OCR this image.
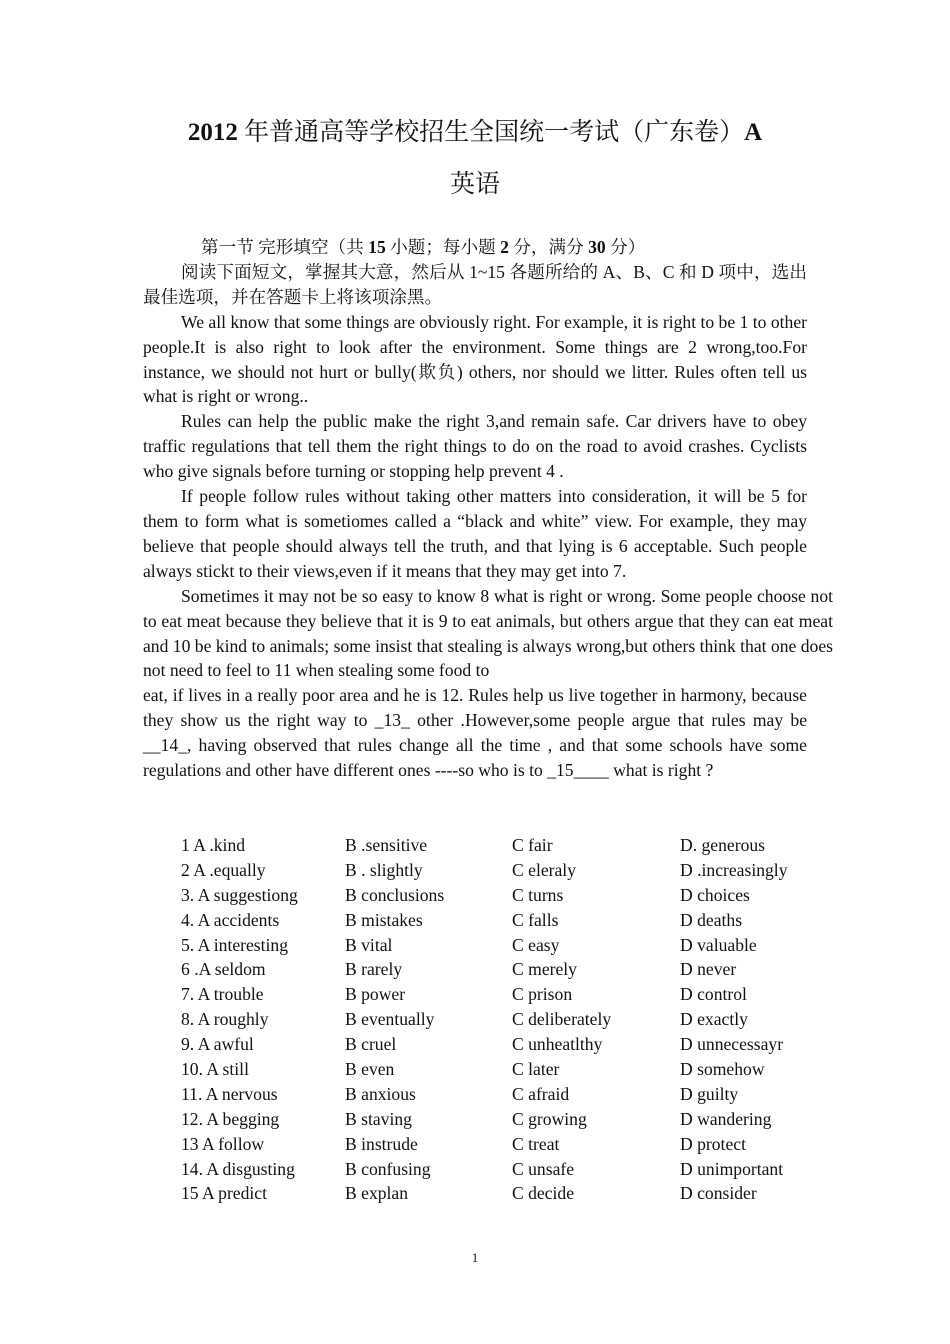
2012 年普通高等学校招生全国统一考试（广东卷）A
英语

第一节 完形填空（共 15 小题；每小题 2 分，满分 30 分）

阅读下面短文，掌握其大意，然后从 1~15 各题所给的 A、B、C 和 D 项中，选出最佳选项，并在答题卡上将该项涂黑。

We all know that some things are obviously right. For example, it is right to be 1 to other people.It is also right to look after the environment. Some things are 2 wrong,too.For instance, we should not hurt or bully(欺负) others, nor should we litter. Rules often tell us what is right or wrong..

Rules can help the public make the right 3,and remain safe. Car drivers have to obey traffic regulations that tell them the right things to do on the road to avoid crashes. Cyclists who give signals before turning or stopping help prevent 4 .

If people follow rules without taking other matters into consideration, it will be 5 for them to form what is sometiomes called a “black and white” view. For example, they may believe that people should always tell the truth, and that lying is 6 acceptable. Such people always stickt to their views,even if it means that they may get into 7.

Sometimes it may not be so easy to know 8 what is right or wrong. Some people choose not to eat meat because they believe that it is 9 to eat animals, but others argue that they can eat meat and 10 be kind to animals; some insist that stealing is always wrong,but others think that one does not need to feel to 11 when stealing some food to

eat, if lives in a really poor area and he is 12. Rules help us live together in harmony, because they show us the right way to _13_ other .However,some people argue that rules may be __14_, having observed that rules change all the time , and that some schools have some regulations and other have different ones ----so who is to _15____ what is right ?

1 A .kind	B .sensitive	C fair	D. generous
2 A .equally	B . slightly	C eleraly	D .increasingly
3. A suggestiong	B conclusions	C turns	D choices
4. A accidents	B mistakes	C falls	D deaths
5. A interesting	B vital	C easy	D valuable
6 .A seldom	B rarely	C merely	D never
7. A trouble	B power	C prison	D control
8. A roughly	B eventually	C deliberately	D exactly
9. A awful	B cruel	C unheatlthy	D unnecessayr
10. A still	B even	C later	D somehow
11. A nervous	B anxious	C afraid	D guilty
12. A begging	B staving	C growing	D wandering
13 A follow	B instrude	C treat	D protect
14. A disgusting	B confusing	C unsafe	D unimportant
15 A predict	B explan	C decide	D consider
1
